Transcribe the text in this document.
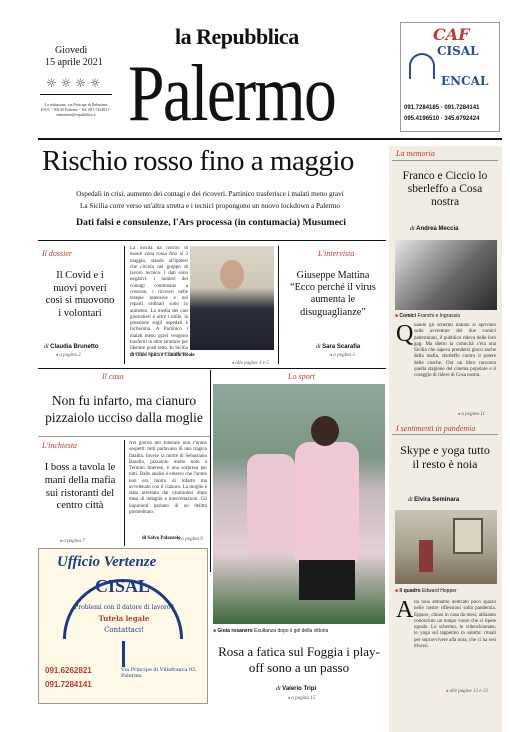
la Repubblica
Palermo
Giovedì
15 aprile 2021
☼ ☼ ☼ ☼
La redazione: via Principe di Belmonte 103/C - 90139 Palermo - Tel. 091.7434911 - redazione@repubblica.it
CAF
CISAL
ENCAL
091.7284185 · 091.7284141
095.4196510 · 345.6792424
Rischio rosso fino a maggio
Ospedali in crisi, aumento dei contagi e dei ricoveri. Partinico trasferisce i malati meno gravi
La Sicilia corre verso un'altra stretta e i tecnici propongono un nuovo lockdown a Palermo
Dati falsi e consulenze, l'Ars processa (in contumacia) Musumeci
Il dossier
Il Covid e i nuovi poveri così si muovono i volontari
di Claudia Brunetto
● a pagina 2
La Sicilia da rischio di essere zona rossa fino al 3 maggio, stando all'ipotesi che circola nel gruppo di lavoro tecnico. I dati sono negativi: i numeri dei contagi continuano a crescere, i ricoveri nelle terapie intensive e nei reparti ordinari sono in aumento. La media dei casi giornalieri è oltre i mille, la pressione sugli ospedali è fortissima. A Partinico i malati meno gravi vengono trasferiti in altre strutture per liberare posti letto. In Sicilia
di Giusi Spica e Claudio Reale
● alle pagine 4 e 5
L'intervista
Giuseppe Mattina “Ecco perché il virus aumenta le disuguaglianze”
di Sara Scarafia
● a pagina 3
La memoria
Franco e Ciccio lo sberleffo a Cosa nostra
di Andrea Meccia
■ Comici Franchi e Ingrassia
Q uando gli schermi italiani si aprivano sulle avventure dei due comici palermitani, il pubblico rideva delle loro gag. Ma dietro la comicità c'era una Sicilia che sapeva prendersi gioco anche della mafia, sberleffo contro il potere delle cosche. Ora un libro racconta quella stagione del cinema popolare e il coraggio di ridere di Cosa nostra.
● a pagina 11
I sentimenti in pandemia
Skype e yoga tutto il resto è noia
di Elvira Seminara
■ Il quadro Edward Hopper
A lla noia abbiamo dedicato poco spazio nelle nostre riflessioni sulla pandemia. Eppure, chiusi in casa da mesi, abbiamo conosciuto un tempo vuoto che si ripete uguale. Lo schermo, le videochiamate, lo yoga sul tappetino in salotto: rituali per sopravvivere alla noia, che ci ha resi diversi.
● alle pagine 12 e 13
Il caso
Non fu infarto, ma cianuro pizzaiolo ucciso dalla moglie
L'inchiesta
I boss a tavola le mani della mafia sui ristoranti del centro città
● a pagina 7
Nel giorno del funerale non c'erano sospetti: tutti parlavano di una tragica fatalità. Invece la morte di Sebastiano Basella, pizzaiolo molto noto a Termini Imerese, è una sorpresa per tutti. Dalle analisi è emerso che l'uomo non era morto di infarto ma avvelenato con il cianuro. La moglie è stata arrestata dai carabinieri dopo mesi di indagini e intercettazioni. Gli inquirenti parlano di un delitto premeditato.
di Salvo Palazzolo
● a pagina 9
Lo sport
■ Gioia rosanero Esultanza dopo il gol della vittoria
Rosa a fatica sul Foggia i play-off sono a un passo
di Valerio Tripi
● a pagina 15
Ufficio Vertenze
CISAL
Problemi con il datore di lavoro?
Tutela legale
Contattaci!
091.6262821
091.7284141
Via Principe di Villafranca 92, Palermo
